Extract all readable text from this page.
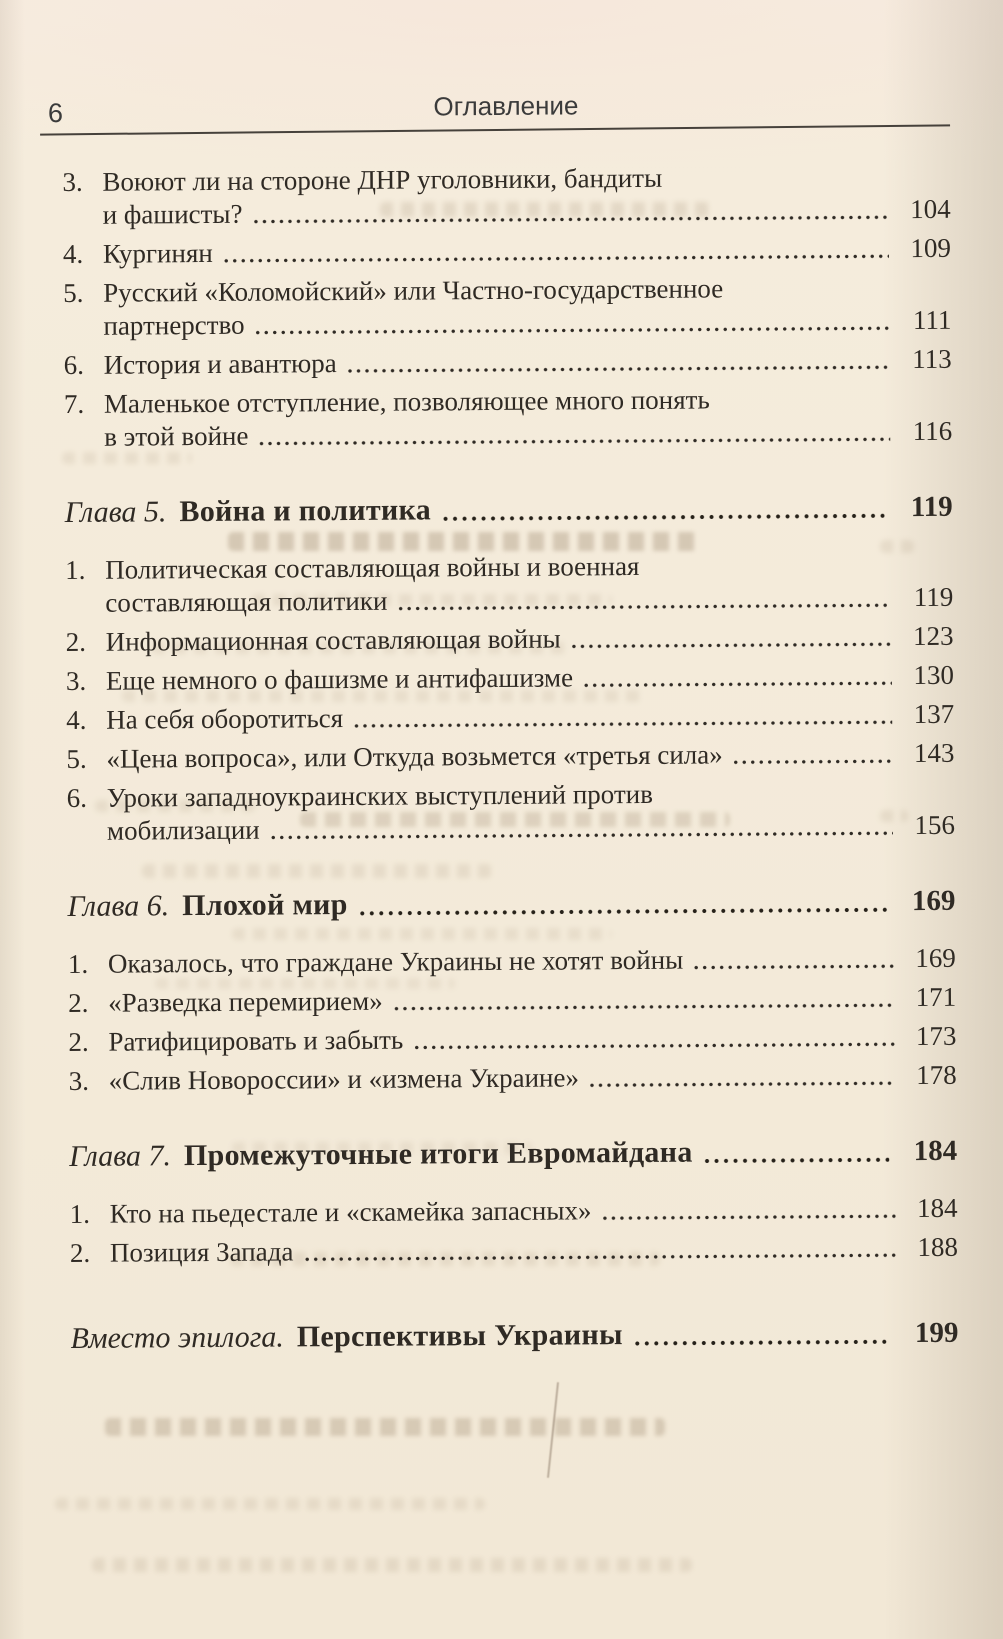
6	Оглавление
3. Воюют ли на стороне ДНР уголовники, бандиты
и фашисты?	104
4. Кургинян	109
5. Русский «Коломойский» или Частно-государственное
партнерство	111
6. История и авантюра	113
7. Маленькое отступление, позволяющее много понять
в этой войне	116
Глава 5. Война и политика	119
1. Политическая составляющая войны и военная
составляющая политики	119
2. Информационная составляющая войны	123
3. Еще немного о фашизме и антифашизме	130
4. На себя оборотиться	137
5. «Цена вопроса», или Откуда возьмется «третья сила»	143
6. Уроки западноукраинских выступлений против
мобилизации	156
Глава 6. Плохой мир	169
1. Оказалось, что граждане Украины не хотят войны	169
2. «Разведка перемирием»	171
2. Ратифицировать и забыть	173
3. «Слив Новороссии» и «измена Украине»	178
Глава 7. Промежуточные итоги Евромайдана	184
1. Кто на пьедестале и «скамейка запасных»	184
2. Позиция Запада	188
Вместо эпилога. Перспективы Украины	199
